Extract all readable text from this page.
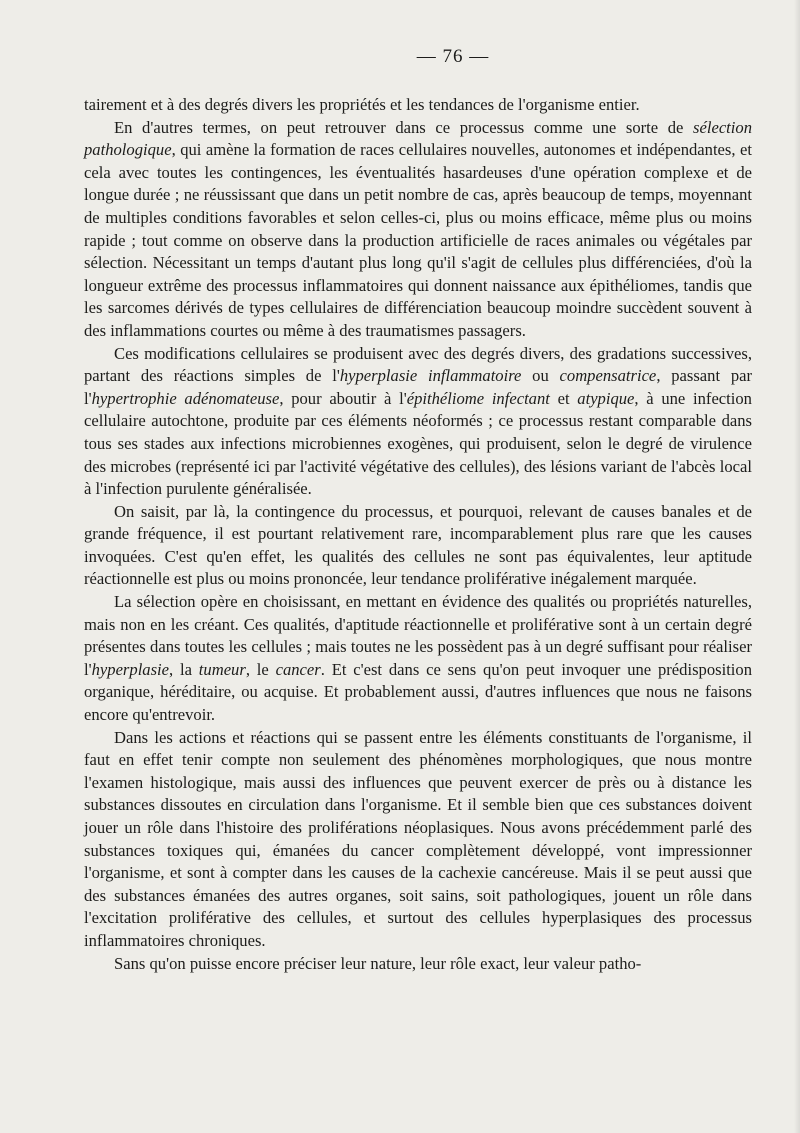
— 76 —

tairement et à des degrés divers les propriétés et les tendances de l'organisme entier.

En d'autres termes, on peut retrouver dans ce processus comme une sorte de sélection pathologique, qui amène la formation de races cellulaires nouvelles, autonomes et indépendantes, et cela avec toutes les contingences, les éventualités hasardeuses d'une opération complexe et de longue durée ; ne réussissant que dans un petit nombre de cas, après beaucoup de temps, moyennant de multiples conditions favorables et selon celles-ci, plus ou moins efficace, même plus ou moins rapide ; tout comme on observe dans la production artificielle de races animales ou végétales par sélection. Nécessitant un temps d'autant plus long qu'il s'agit de cellules plus différenciées, d'où la longueur extrême des processus inflammatoires qui donnent naissance aux épithéliomes, tandis que les sarcomes dérivés de types cellulaires de différenciation beaucoup moindre succèdent souvent à des inflammations courtes ou même à des traumatismes passagers.

Ces modifications cellulaires se produisent avec des degrés divers, des gradations successives, partant des réactions simples de l'hyperplasie inflammatoire ou compensatrice, passant par l'hypertrophie adénomateuse, pour aboutir à l'épithéliome infectant et atypique, à une infection cellulaire autochtone, produite par ces éléments néoformés ; ce processus restant comparable dans tous ses stades aux infections microbiennes exogènes, qui produisent, selon le degré de virulence des microbes (représenté ici par l'activité végétative des cellules), des lésions variant de l'abcès local à l'infection purulente généralisée.

On saisit, par là, la contingence du processus, et pourquoi, relevant de causes banales et de grande fréquence, il est pourtant relativement rare, incomparablement plus rare que les causes invoquées. C'est qu'en effet, les qualités des cellules ne sont pas équivalentes, leur aptitude réactionnelle est plus ou moins prononcée, leur tendance proliférative inégalement marquée.

La sélection opère en choisissant, en mettant en évidence des qualités ou propriétés naturelles, mais non en les créant. Ces qualités, d'aptitude réactionnelle et proliférative sont à un certain degré présentes dans toutes les cellules ; mais toutes ne les possèdent pas à un degré suffisant pour réaliser l'hyperplasie, la tumeur, le cancer. Et c'est dans ce sens qu'on peut invoquer une prédisposition organique, héréditaire, ou acquise. Et probablement aussi, d'autres influences que nous ne faisons encore qu'entrevoir.

Dans les actions et réactions qui se passent entre les éléments constituants de l'organisme, il faut en effet tenir compte non seulement des phénomènes morphologiques, que nous montre l'examen histologique, mais aussi des influences que peuvent exercer de près ou à distance les substances dissoutes en circulation dans l'organisme. Et il semble bien que ces substances doivent jouer un rôle dans l'histoire des proliférations néoplasiques. Nous avons précédemment parlé des substances toxiques qui, émanées du cancer complètement développé, vont impressionner l'organisme, et sont à compter dans les causes de la cachexie cancéreuse. Mais il se peut aussi que des substances émanées des autres organes, soit sains, soit pathologiques, jouent un rôle dans l'excitation proliférative des cellules, et surtout des cellules hyperplasiques des processus inflammatoires chroniques.

Sans qu'on puisse encore préciser leur nature, leur rôle exact, leur valeur patho-
